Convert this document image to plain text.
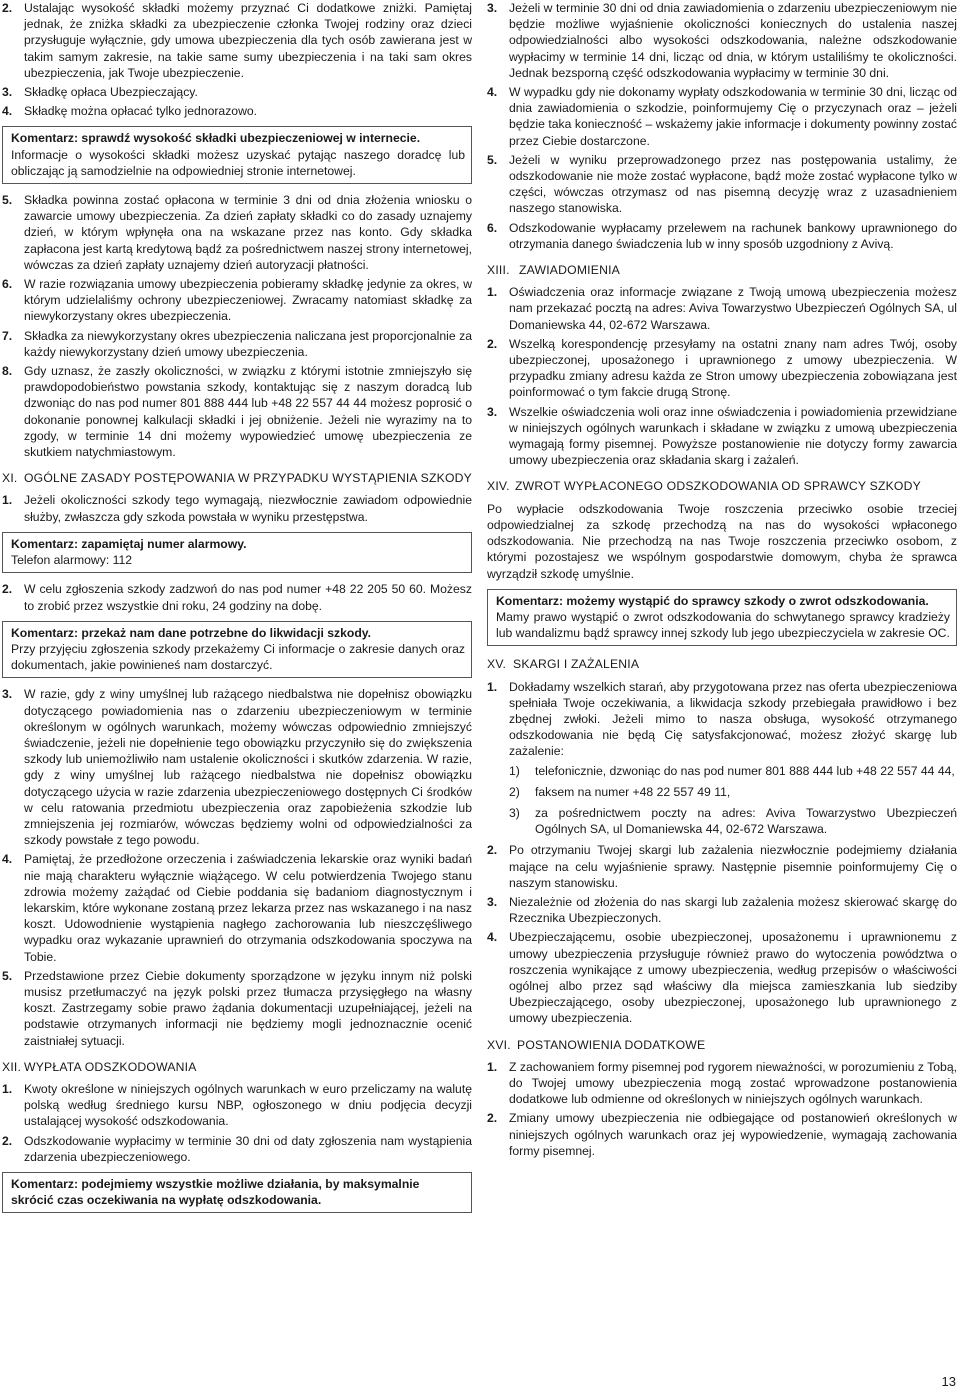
2. Ustalając wysokość składki możemy przyznać Ci dodatkowe zniżki. Pamiętaj jednak, że zniżka składki za ubezpieczenie członka Twojej rodziny oraz dzieci przysługuje wyłącznie, gdy umowa ubezpieczenia dla tych osób zawierana jest w takim samym zakresie, na takie same sumy ubezpieczenia i na taki sam okres ubezpieczenia, jak Twoje ubezpieczenie.
3. Składkę opłaca Ubezpieczający.
4. Składkę można opłacać tylko jednorazowo.
Komentarz: sprawdź wysokość składki ubezpieczeniowej w internecie.
Informacje o wysokości składki możesz uzyskać pytając naszego doradcę lub obliczając ją samodzielnie na odpowiedniej stronie internetowej.
5. Składka powinna zostać opłacona w terminie 3 dni od dnia złożenia wniosku o zawarcie umowy ubezpieczenia. Za dzień zapłaty składki co do zasady uznajemy dzień, w którym wpłynęła ona na wskazane przez nas konto. Gdy składka zapłacona jest kartą kredytową bądź za pośrednictwem naszej strony internetowej, wówczas za dzień zapłaty uznajemy dzień autoryzacji płatności.
6. W razie rozwiązania umowy ubezpieczenia pobieramy składkę jedynie za okres, w którym udzielaliśmy ochrony ubezpieczeniowej. Zwracamy natomiast składkę za niewykorzystany okres ubezpieczenia.
7. Składka za niewykorzystany okres ubezpieczenia naliczana jest proporcjonalnie za każdy niewykorzystany dzień umowy ubezpieczenia.
8. Gdy uznasz, że zaszły okoliczności, w związku z którymi istotnie zmniejszyło się prawdopodobieństwo powstania szkody, kontaktując się z naszym doradcą lub dzwoniąc do nas pod numer 801 888 444 lub +48 22 557 44 44 możesz poprosić o dokonanie ponownej kalkulacji składki i jej obniżenie. Jeżeli nie wyrazimy na to zgody, w terminie 14 dni możemy wypowiedzieć umowę ubezpieczenia ze skutkiem natychmiastowym.
XI. OGÓLNE ZASADY POSTĘPOWANIA W PRZYPADKU WYSTĄPIENIA SZKODY
1. Jeżeli okoliczności szkody tego wymagają, niezwłocznie zawiadom odpowiednie służby, zwłaszcza gdy szkoda powstała w wyniku przestępstwa.
Komentarz: zapamiętaj numer alarmowy.
Telefon alarmowy: 112
2. W celu zgłoszenia szkody zadzwoń do nas pod numer +48 22 205 50 60. Możesz to zrobić przez wszystkie dni roku, 24 godziny na dobę.
Komentarz: przekaż nam dane potrzebne do likwidacji szkody.
Przy przyjęciu zgłoszenia szkody przekażemy Ci informacje o zakresie danych oraz dokumentach, jakie powinieneś nam dostarczyć.
3. W razie, gdy z winy umyślnej lub rażącego niedbalstwa nie dopełnisz obowiązku dotyczącego powiadomienia nas o zdarzeniu ubezpieczeniowym w terminie określonym w ogólnych warunkach, możemy wówczas odpowiednio zmniejszyć świadczenie, jeżeli nie dopełnienie tego obowiązku przyczyniło się do zwiększenia szkody lub uniemożliwiło nam ustalenie okoliczności i skutków zdarzenia. W razie, gdy z winy umyślnej lub rażącego niedbalstwa nie dopełnisz obowiązku dotyczącego użycia w razie zdarzenia ubezpieczeniowego dostępnych Ci środków w celu ratowania przedmiotu ubezpieczenia oraz zapobieżenia szkodzie lub zmniejszenia jej rozmiarów, wówczas będziemy wolni od odpowiedzialności za szkody powstałe z tego powodu.
4. Pamiętaj, że przedłożone orzeczenia i zaświadczenia lekarskie oraz wyniki badań nie mają charakteru wyłącznie wiążącego. W celu potwierdzenia Twojego stanu zdrowia możemy zażądać od Ciebie poddania się badaniom diagnostycznym i lekarskim, które wykonane zostaną przez lekarza przez nas wskazanego i na nasz koszt. Udowodnienie wystąpienia nagłego zachorowania lub nieszczęśliwego wypadku oraz wykazanie uprawnień do otrzymania odszkodowania spoczywa na Tobie.
5. Przedstawione przez Ciebie dokumenty sporządzone w języku innym niż polski musisz przetłumaczyć na język polski przez tłumacza przysięgłego na własny koszt. Zastrzegamy sobie prawo żądania dokumentacji uzupełniającej, jeżeli na podstawie otrzymanych informacji nie będziemy mogli jednoznacznie ocenić zaistniałej sytuacji.
XII. WYPŁATA ODSZKODOWANIA
1. Kwoty określone w niniejszych ogólnych warunkach w euro przeliczamy na walutę polską według średniego kursu NBP, ogłoszonego w dniu podjęcia decyzji ustalającej wysokość odszkodowania.
2. Odszkodowanie wypłacimy w terminie 30 dni od daty zgłoszenia nam wystąpienia zdarzenia ubezpieczeniowego.
Komentarz: podejmiemy wszystkie możliwe działania, by maksymalnie skrócić czas oczekiwania na wypłatę odszkodowania.
3. Jeżeli w terminie 30 dni od dnia zawiadomienia o zdarzeniu ubezpieczeniowym nie będzie możliwe wyjaśnienie okoliczności koniecznych do ustalenia naszej odpowiedzialności albo wysokości odszkodowania, należne odszkodowanie wypłacimy w terminie 14 dni, licząc od dnia, w którym ustaliliśmy te okoliczności. Jednak bezsporną część odszkodowania wypłacimy w terminie 30 dni.
4. W wypadku gdy nie dokonamy wypłaty odszkodowania w terminie 30 dni, licząc od dnia zawiadomienia o szkodzie, poinformujemy Cię o przyczynach oraz – jeżeli będzie taka konieczność – wskażemy jakie informacje i dokumenty powinny zostać przez Ciebie dostarczone.
5. Jeżeli w wyniku przeprowadzonego przez nas postępowania ustalimy, że odszkodowanie nie może zostać wypłacone, bądź może zostać wypłacone tylko w części, wówczas otrzymasz od nas pisemną decyzję wraz z uzasadnieniem naszego stanowiska.
6. Odszkodowanie wypłacamy przelewem na rachunek bankowy uprawnionego do otrzymania danego świadczenia lub w inny sposób uzgodniony z Avivą.
XIII. ZAWIADOMIENIA
1. Oświadczenia oraz informacje związane z Twoją umową ubezpieczenia możesz nam przekazać pocztą na adres: Aviva Towarzystwo Ubezpieczeń Ogólnych SA, ul Domaniewska 44, 02-672 Warszawa.
2. Wszelką korespondencję przesyłamy na ostatni znany nam adres Twój, osoby ubezpieczonej, uposażonego i uprawnionego z umowy ubezpieczenia. W przypadku zmiany adresu każda ze Stron umowy ubezpieczenia zobowiązana jest poinformować o tym fakcie drugą Stronę.
3. Wszelkie oświadczenia woli oraz inne oświadczenia i powiadomienia przewidziane w niniejszych ogólnych warunkach i składane w związku z umową ubezpieczenia wymagają formy pisemnej. Powyższe postanowienie nie dotyczy formy zawarcia umowy ubezpieczenia oraz składania skarg i zażaleń.
XIV. ZWROT WYPŁACONEGO ODSZKODOWANIA OD SPRAWCY SZKODY
Po wypłacie odszkodowania Twoje roszczenia przeciwko osobie trzeciej odpowiedzialnej za szkodę przechodzą na nas do wysokości wpłaconego odszkodowania. Nie przechodzą na nas Twoje roszczenia przeciwko osobom, z którymi pozostajesz we wspólnym gospodarstwie domowym, chyba że sprawca wyrządził szkodę umyślnie.
Komentarz: możemy wystąpić do sprawcy szkody o zwrot odszkodowania.
Mamy prawo wystąpić o zwrot odszkodowania do schwytanego sprawcy kradzieży lub wandalizmu bądź sprawcy innej szkody lub jego ubezpieczyciela w zakresie OC.
XV. SKARGI I ZAŻALENIA
1. Dokładamy wszelkich starań, aby przygotowana przez nas oferta ubezpieczeniowa spełniała Twoje oczekiwania, a likwidacja szkody przebiegała prawidłowo i bez zbędnej zwłoki. Jeżeli mimo to nasza obsługa, wysokość otrzymanego odszkodowania nie będą Cię satysfakcjonować, możesz złożyć skargę lub zażalenie:
1)	telefonicznie, dzwoniąc do nas pod numer 801 888 444 lub +48 22 557 44 44,
2)	faksem na numer +48 22 557 49 11,
3)	za pośrednictwem poczty na adres: Aviva Towarzystwo Ubezpieczeń Ogólnych SA, ul Domaniewska 44, 02-672 Warszawa.
2. Po otrzymaniu Twojej skargi lub zażalenia niezwłocznie podejmiemy działania mające na celu wyjaśnienie sprawy. Następnie pisemnie poinformujemy Cię o naszym stanowisku.
3. Niezależnie od złożenia do nas skargi lub zażalenia możesz skierować skargę do Rzecznika Ubezpieczonych.
4. Ubezpieczającemu, osobie ubezpieczonej, uposażonemu i uprawnionemu z umowy ubezpieczenia przysługuje również prawo do wytoczenia powództwa o roszczenia wynikające z umowy ubezpieczenia, według przepisów o właściwości ogólnej albo przez sąd właściwy dla miejsca zamieszkania lub siedziby Ubezpieczającego, osoby ubezpieczonej, uposażonego lub uprawnionego z umowy ubezpieczenia.
XVI. POSTANOWIENIA DODATKOWE
1. Z zachowaniem formy pisemnej pod rygorem nieważności, w porozumieniu z Tobą, do Twojej umowy ubezpieczenia mogą zostać wprowadzone postanowienia dodatkowe lub odmienne od określonych w niniejszych ogólnych warunkach.
2. Zmiany umowy ubezpieczenia nie odbiegające od postanowień określonych w niniejszych ogólnych warunkach oraz jej wypowiedzenie, wymagają zachowania formy pisemnej.
13
